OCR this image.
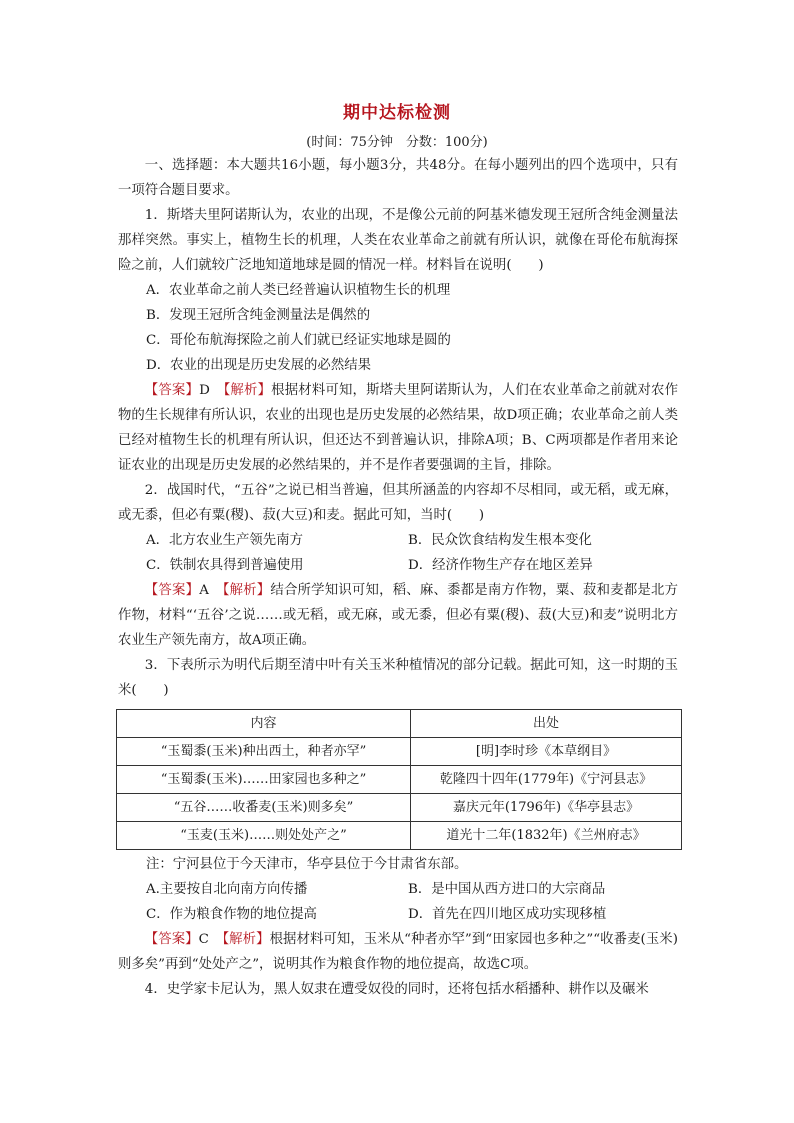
期中达标检测
(时间：75分钟　分数：100分)

一、选择题：本大题共16小题，每小题3分，共48分。在每小题列出的四个选项中，只有一项符合题目要求。

1．斯塔夫里阿诺斯认为，农业的出现，不是像公元前的阿基米德发现王冠所含纯金测量法那样突然。事实上，植物生长的机理，人类在农业革命之前就有所认识，就像在哥伦布航海探险之前，人们就较广泛地知道地球是圆的情况一样。材料旨在说明(　　)

A．农业革命之前人类已经普遍认识植物生长的机理

B．发现王冠所含纯金测量法是偶然的

C．哥伦布航海探险之前人们就已经证实地球是圆的

D．农业的出现是历史发展的必然结果

【答案】D　【解析】根据材料可知，斯塔夫里阿诺斯认为，人们在农业革命之前就对农作物的生长规律有所认识，农业的出现也是历史发展的必然结果，故D项正确；农业革命之前人类已经对植物生长的机理有所认识，但还达不到普遍认识，排除A项；B、C两项都是作者用来论证农业的出现是历史发展的必然结果的，并不是作者要强调的主旨，排除。

2．战国时代，“五谷”之说已相当普遍，但其所涵盖的内容却不尽相同，或无稻，或无麻，或无黍，但必有粟(稷)、菽(大豆)和麦。据此可知，当时(　　)

A．北方农业生产领先南方	B．民众饮食结构发生根本变化
C．铁制农具得到普遍使用	D．经济作物生产存在地区差异

【答案】A　【解析】结合所学知识可知，稻、麻、黍都是南方作物，粟、菽和麦都是北方作物，材料“‘五谷’之说……或无稻，或无麻，或无黍，但必有粟(稷)、菽(大豆)和麦”说明北方农业生产领先南方，故A项正确。

3．下表所示为明代后期至清中叶有关玉米种植情况的部分记载。据此可知，这一时期的玉米(　　)

内容	出处
“玉蜀黍(玉米)种出西土，种者亦罕”	[明]李时珍《本草纲目》
“玉蜀黍(玉米)……田家园也多种之”	乾隆四十四年(1779年)《宁河县志》
“五谷……收番麦(玉米)则多矣”	嘉庆元年(1796年)《华亭县志》
“玉麦(玉米)……则处处产之”	道光十二年(1832年)《兰州府志》

注：宁河县位于今天津市，华亭县位于今甘肃省东部。

A.主要按自北向南方向传播	B．是中国从西方进口的大宗商品
C．作为粮食作物的地位提高	D．首先在四川地区成功实现移植

【答案】C　【解析】根据材料可知，玉米从“种者亦罕”到“田家园也多种之”“收番麦(玉米)则多矣”再到“处处产之”，说明其作为粮食作物的地位提高，故选C项。

4．史学家卡尼认为，黑人奴隶在遭受奴役的同时，还将包括水稻播种、耕作以及碾米
